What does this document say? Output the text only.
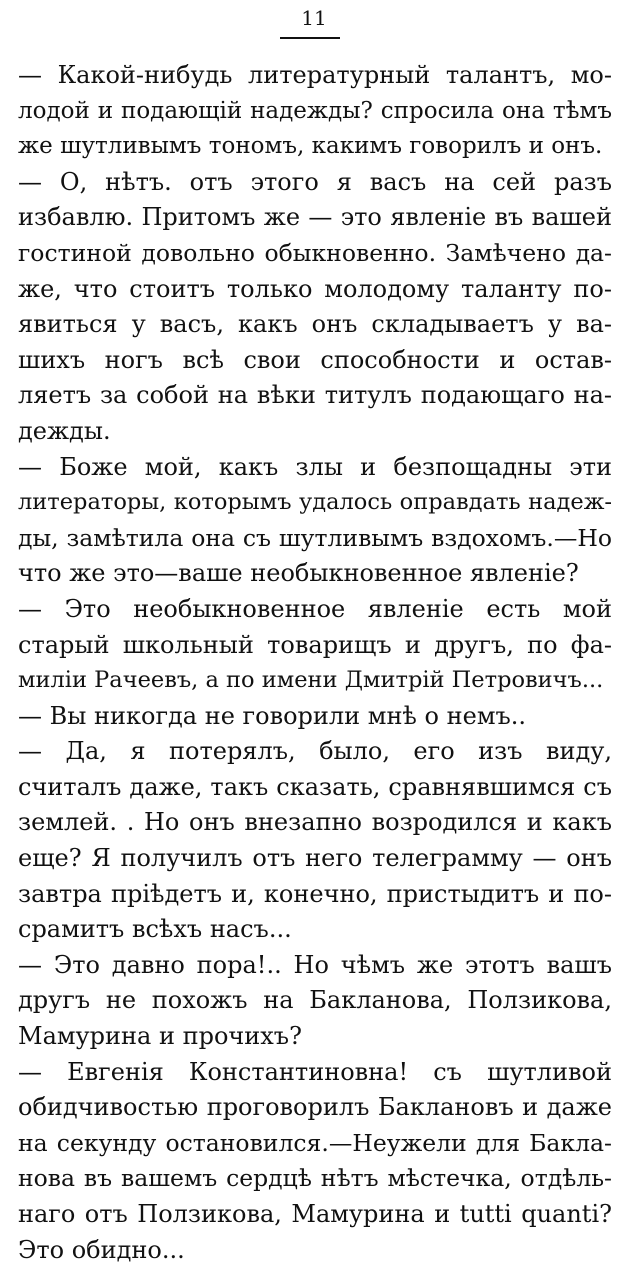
11
— Какой-нибудь литературный талантъ, мо-
лодой и подающій надежды? спросила она тѣмъ
же шутливымъ тономъ, какимъ говорилъ и онъ.
— О, нѣтъ. отъ этого я васъ на сей разъ
избавлю. Притомъ же — это явленіе въ вашей
гостиной довольно обыкновенно. Замѣчено да-
же, что стоитъ только молодому таланту по-
явиться у васъ, какъ онъ складываетъ у ва-
шихъ ногъ всѣ свои способности и остав-
ляетъ за собой на вѣки титулъ подающаго на-
дежды.
— Боже мой, какъ злы и безпощадны эти
литераторы, которымъ удалось оправдать надеж-
ды, замѣтила она съ шутливымъ вздохомъ.—Но
что же это—ваше необыкновенное явленіе?
— Это необыкновенное явленіе есть мой
старый школьный товарищъ и другъ, по фа-
миліи Рачеевъ, а по имени Дмитрій Петровичъ...
— Вы никогда не говорили мнѣ о немъ..
— Да, я потерялъ, было, его изъ виду,
считалъ даже, такъ сказать, сравнявшимся съ
землей. . Но онъ внезапно возродился и какъ
еще? Я получилъ отъ него телеграмму — онъ
завтра пріѣдетъ и, конечно, пристыдитъ и по-
срамитъ всѣхъ насъ...
— Это давно пора!.. Но чѣмъ же этотъ вашъ
другъ не похожъ на Бакланова, Ползикова,
Мамурина и прочихъ?
— Евгенія Константиновна! съ шутливой
обидчивостью проговорилъ Баклановъ и даже
на секунду остановился.—Неужели для Бакла-
нова въ вашемъ сердцѣ нѣтъ мѣстечка, отдѣль-
наго отъ Ползикова, Мамурина и tutti quanti?
Это обидно...
